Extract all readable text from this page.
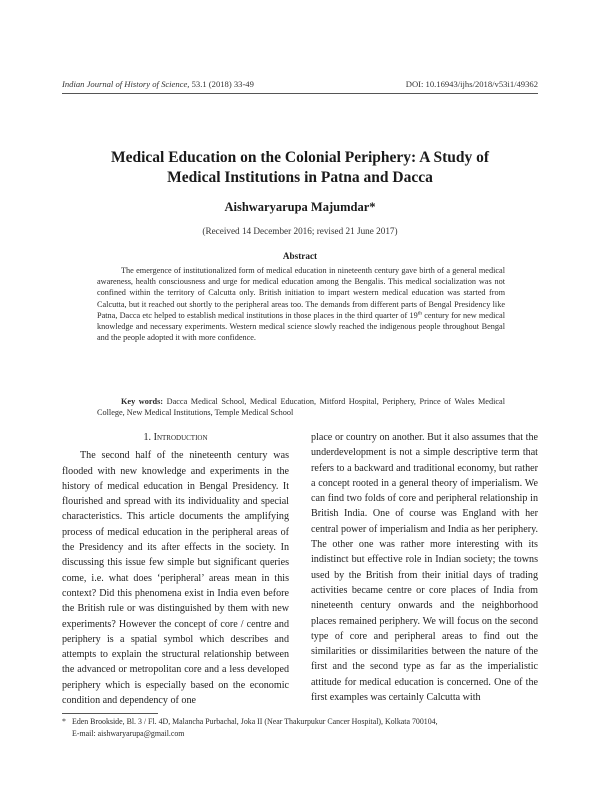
Indian Journal of History of Science, 53.1 (2018) 33-49	DOI: 10.16943/ijhs/2018/v53i1/49362
Medical Education on the Colonial Periphery: A Study of
Medical Institutions in Patna and Dacca
Aishwaryarupa Majumdar*
(Received 14 December 2016; revised 21 June 2017)
Abstract

The emergence of institutionalized form of medical education in nineteenth century gave birth of a general medical awareness, health consciousness and urge for medical education among the Bengalis. This medical socialization was not confined within the territory of Calcutta only. British initiation to impart western medical education was started from Calcutta, but it reached out shortly to the peripheral areas too. The demands from different parts of Bengal Presidency like Patna, Dacca etc helped to establish medical institutions in those places in the third quarter of 19th century for new medical knowledge and necessary experiments. Western medical science slowly reached the indigenous people throughout Bengal and the people adopted it with more confidence.

Key words: Dacca Medical School, Medical Education, Mitford Hospital, Periphery, Prince of Wales Medical College, New Medical Institutions, Temple Medical School

1. Introduction

The second half of the nineteenth century was flooded with new knowledge and experiments in the history of medical education in Bengal Presidency. It flourished and spread with its individuality and special characteristics. This article documents the amplifying process of medical education in the peripheral areas of the Presidency and its after effects in the society. In discussing this issue few simple but significant queries come, i.e. what does ‘peripheral’ areas mean in this context? Did this phenomena exist in India even before the British rule or was distinguished by them with new experiments? However the concept of core / centre and periphery is a spatial symbol which describes and attempts to explain the structural relationship between the advanced or metropolitan core and a less developed periphery which is especially based on the economic condition and dependency of one

place or country on another. But it also assumes that the underdevelopment is not a simple descriptive term that refers to a backward and traditional economy, but rather a concept rooted in a general theory of imperialism. We can find two folds of core and peripheral relationship in British India. One of course was England with her central power of imperialism and India as her periphery. The other one was rather more interesting with its indistinct but effective role in Indian society; the towns used by the British from their initial days of trading activities became centre or core places of India from nineteenth century onwards and the neighborhood places remained periphery. We will focus on the second type of core and peripheral areas to find out the similarities or dissimilarities between the nature of the first and the second type as far as the imperialistic attitude for medical education is concerned. One of the first examples was certainly Calcutta with

* Eden Brookside, Bl. 3 / Fl. 4D, Malancha Purbachal, Joka II (Near Thakurpukur Cancer Hospital), Kolkata 700104,
E-mail: aishwaryarupa@gmail.com
